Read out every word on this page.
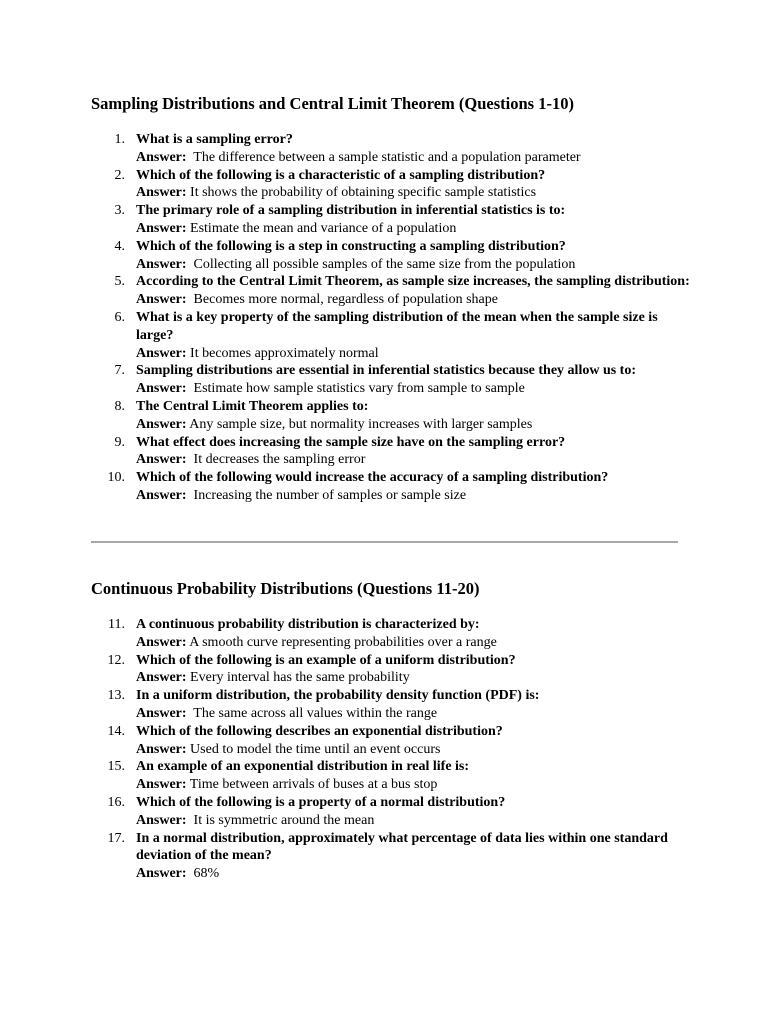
Sampling Distributions and Central Limit Theorem (Questions 1-10)
1. What is a sampling error?
Answer:  The difference between a sample statistic and a population parameter
2. Which of the following is a characteristic of a sampling distribution?
Answer: It shows the probability of obtaining specific sample statistics
3. The primary role of a sampling distribution in inferential statistics is to:
Answer: Estimate the mean and variance of a population
4. Which of the following is a step in constructing a sampling distribution?
Answer:  Collecting all possible samples of the same size from the population
5. According to the Central Limit Theorem, as sample size increases, the sampling distribution:
Answer:  Becomes more normal, regardless of population shape
6. What is a key property of the sampling distribution of the mean when the sample size is large?
Answer: It becomes approximately normal
7. Sampling distributions are essential in inferential statistics because they allow us to:
Answer:  Estimate how sample statistics vary from sample to sample
8. The Central Limit Theorem applies to:
Answer: Any sample size, but normality increases with larger samples
9. What effect does increasing the sample size have on the sampling error?
Answer:  It decreases the sampling error
10. Which of the following would increase the accuracy of a sampling distribution?
Answer:  Increasing the number of samples or sample size
Continuous Probability Distributions (Questions 11-20)
11. A continuous probability distribution is characterized by:
Answer: A smooth curve representing probabilities over a range
12. Which of the following is an example of a uniform distribution?
Answer: Every interval has the same probability
13. In a uniform distribution, the probability density function (PDF) is:
Answer:  The same across all values within the range
14. Which of the following describes an exponential distribution?
Answer: Used to model the time until an event occurs
15. An example of an exponential distribution in real life is:
Answer: Time between arrivals of buses at a bus stop
16. Which of the following is a property of a normal distribution?
Answer:  It is symmetric around the mean
17. In a normal distribution, approximately what percentage of data lies within one standard deviation of the mean?
Answer:  68%
